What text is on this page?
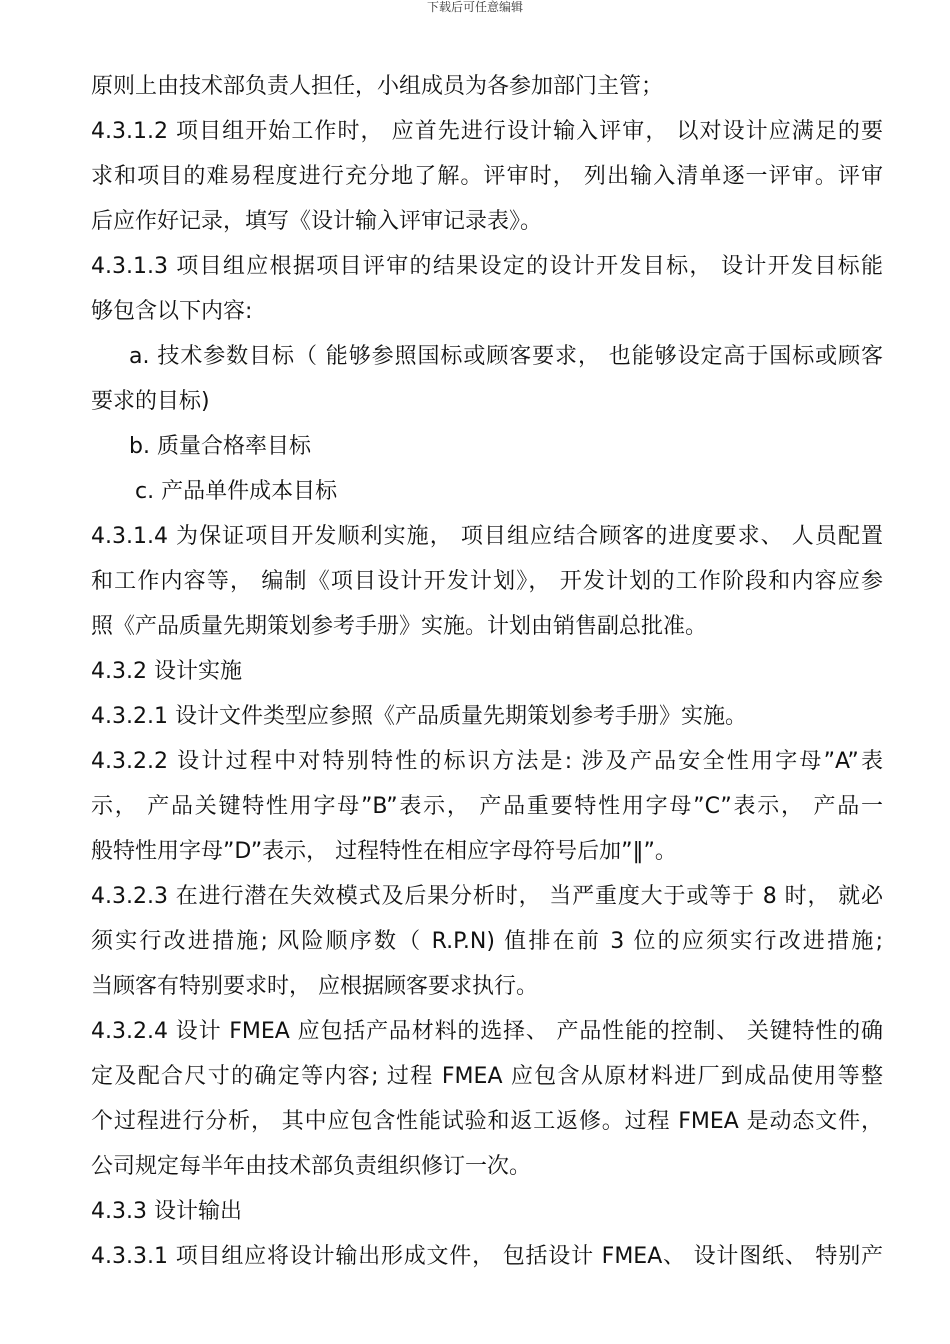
下载后可任意编辑
原则上由技术部负责人担任，小组成员为各参加部门主管；
4.3.1.2 项目组开始工作时， 应首先进行设计输入评审， 以对设计应满足的要
求和项目的难易程度进行充分地了解。评审时， 列出输入清单逐一评审。评审
后应作好记录，填写《设计输入评审记录表》。
4.3.1.3 项目组应根据项目评审的结果设定的设计开发目标， 设计开发目标能
够包含以下内容:
a. 技术参数目标（ 能够参照国标或顾客要求， 也能够设定高于国标或顾客
要求的目标)
b. 质量合格率目标
c. 产品单件成本目标
4.3.1.4 为保证项目开发顺利实施， 项目组应结合顾客的进度要求、 人员配置
和工作内容等， 编制《项目设计开发计划》， 开发计划的工作阶段和内容应参
照《产品质量先期策划参考手册》实施。计划由销售副总批准。
4.3.2 设计实施
4.3.2.1 设计文件类型应参照《产品质量先期策划参考手册》实施。
4.3.2.2 设计过程中对特别特性的标识方法是: 涉及产品安全性用字母”A”表
示， 产品关键特性用字母”B”表示， 产品重要特性用字母”C”表示， 产品一
般特性用字母”D”表示， 过程特性在相应字母符号后加”‖”。
4.3.2.3 在进行潜在失效模式及后果分析时， 当严重度大于或等于 8 时， 就必
须实行改进措施; 风险顺序数（ R.P.N) 值排在前 3 位的应须实行改进措施;
当顾客有特别要求时， 应根据顾客要求执行。
4.3.2.4 设计 FMEA 应包括产品材料的选择、 产品性能的控制、 关键特性的确
定及配合尺寸的确定等内容; 过程 FMEA 应包含从原材料进厂到成品使用等整
个过程进行分析， 其中应包含性能试验和返工返修。过程 FMEA 是动态文件，
公司规定每半年由技术部负责组织修订一次。
4.3.3 设计输出
4.3.3.1 项目组应将设计输出形成文件， 包括设计 FMEA、 设计图纸、 特别产
